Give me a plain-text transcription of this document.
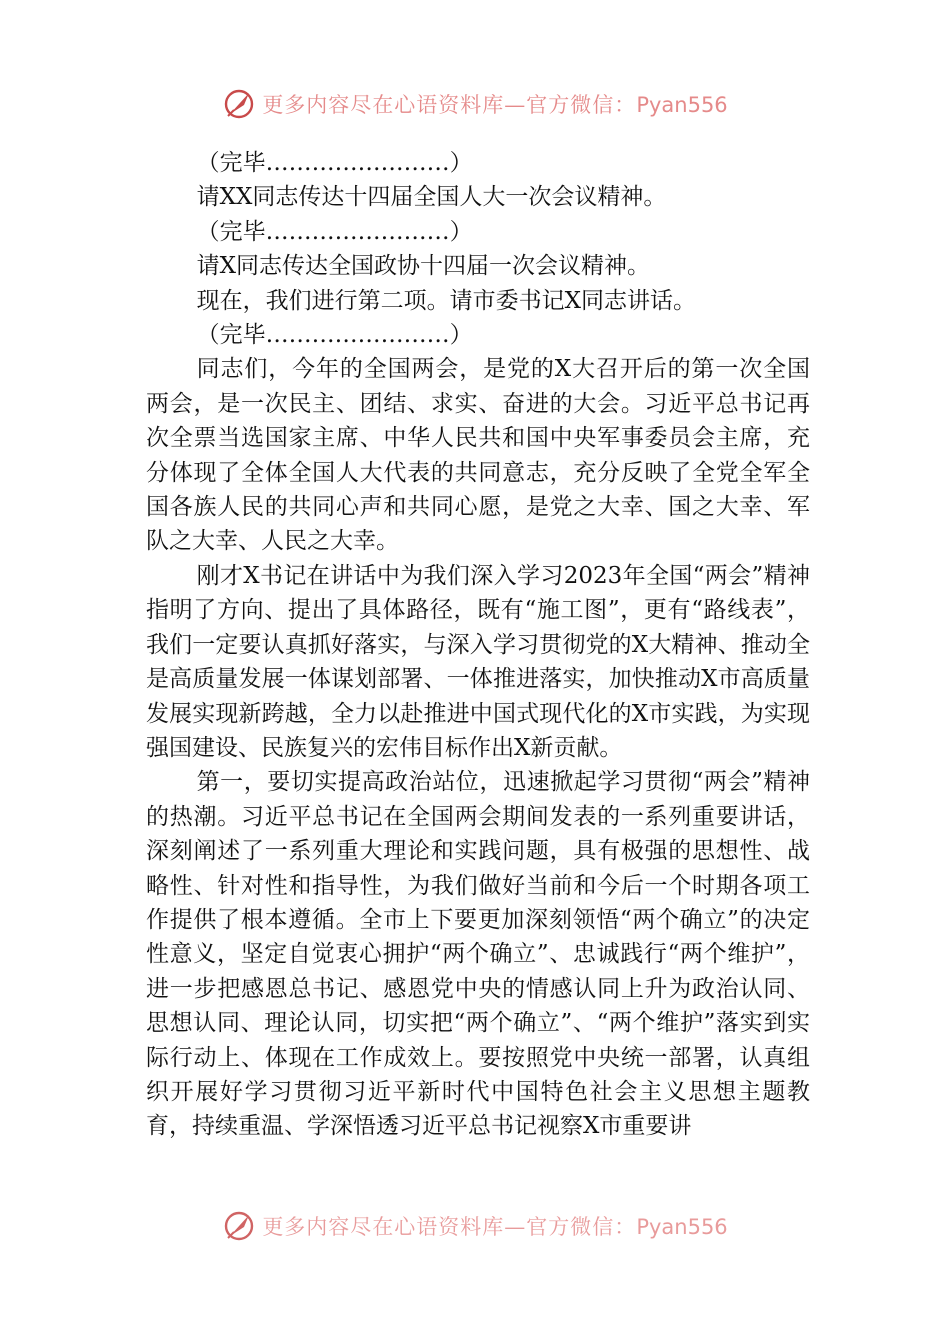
更多内容尽在心语资料库—官方微信：Pyan556

（完毕……………………）

请XX同志传达十四届全国人大一次会议精神。

（完毕……………………）

请X同志传达全国政协十四届一次会议精神。

现在，我们进行第二项。请市委书记X同志讲话。

（完毕……………………）

同志们，今年的全国两会，是党的X大召开后的第一次全国两会，是一次民主、团结、求实、奋进的大会。习近平总书记再次全票当选国家主席、中华人民共和国中央军事委员会主席，充分体现了全体全国人大代表的共同意志，充分反映了全党全军全国各族人民的共同心声和共同心愿，是党之大幸、国之大幸、军队之大幸、人民之大幸。

刚才X书记在讲话中为我们深入学习2023年全国“两会”精神指明了方向、提出了具体路径，既有“施工图”，更有“路线表”，我们一定要认真抓好落实，与深入学习贯彻党的X大精神、推动全是高质量发展一体谋划部署、一体推进落实，加快推动X市高质量发展实现新跨越，全力以赴推进中国式现代化的X市实践，为实现强国建设、民族复兴的宏伟目标作出X新贡献。

第一，要切实提高政治站位，迅速掀起学习贯彻“两会”精神的热潮。习近平总书记在全国两会期间发表的一系列重要讲话，深刻阐述了一系列重大理论和实践问题，具有极强的思想性、战略性、针对性和指导性，为我们做好当前和今后一个时期各项工作提供了根本遵循。全市上下要更加深刻领悟“两个确立”的决定性意义，坚定自觉衷心拥护“两个确立”、忠诚践行“两个维护”，进一步把感恩总书记、感恩党中央的情感认同上升为政治认同、思想认同、理论认同，切实把“两个确立”、“两个维护”落实到实际行动上、体现在工作成效上。要按照党中央统一部署，认真组织开展好学习贯彻习近平新时代中国特色社会主义思想主题教育，持续重温、学深悟透习近平总书记视察X市重要讲

更多内容尽在心语资料库—官方微信：Pyan556
